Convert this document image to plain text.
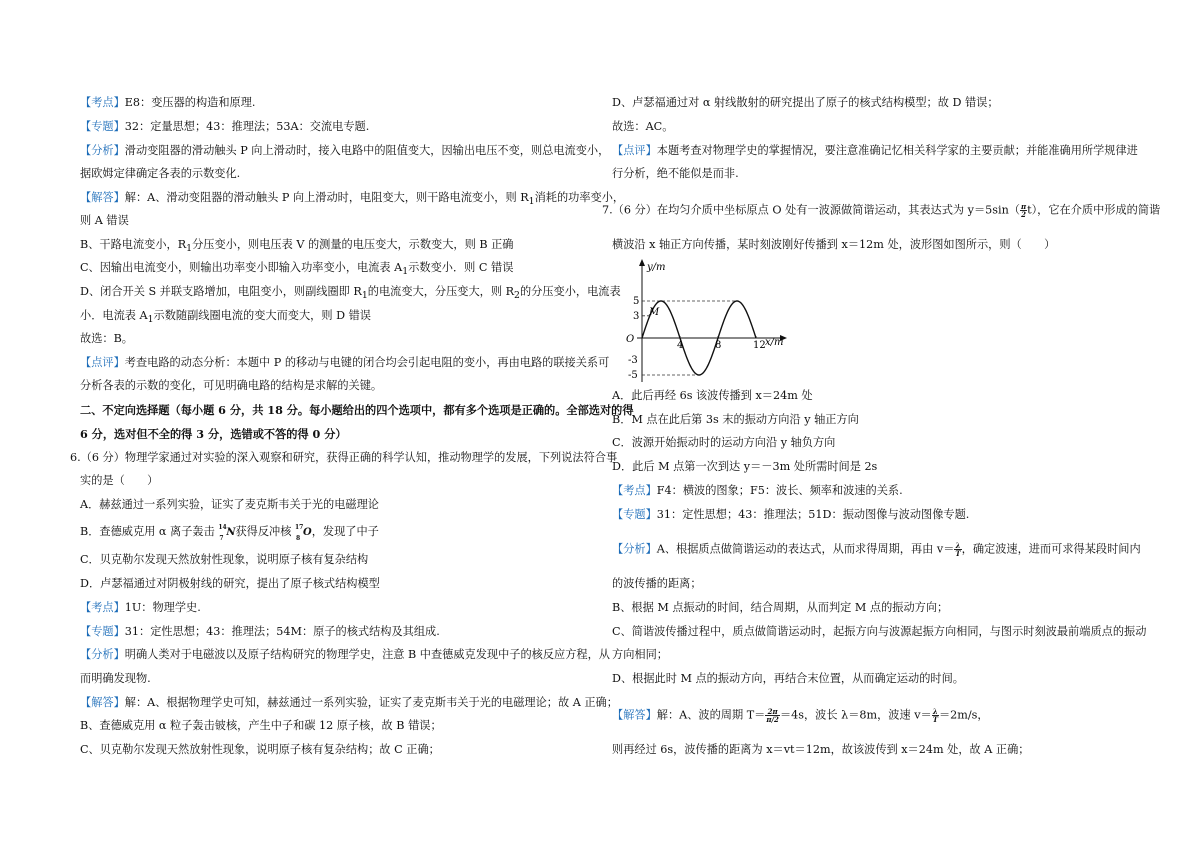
【考点】E8：变压器的构造和原理.
【专题】32：定量思想；43：推理法；53A：交流电专题.
【分析】滑动变阻器的滑动触头 P 向上滑动时，接入电路中的阻值变大，因输出电压不变，则总电流变小，
据欧姆定律确定各表的示数变化.
【解答】解：A、滑动变阻器的滑动触头 P 向上滑动时，电阻变大，则干路电流变小，则 $R_1$消耗的功率变小，
则 A 错误
B、干路电流变小，$R_1$分压变小，则电压表 V 的测量的电压变大，示数变大，则 B 正确
C、因输出电流变小，则输出功率变小即输入功率变小，电流表 $A_1$示数变小．则 C 错误
D、闭合开关 S 并联支路增加，电阻变小，则副线圈即 $R_1$的电流变大，分压变大，则 $R_2$的分压变小，电流表
小．电流表 $A_1$示数随副线圈电流的变大而变大，则 D 错误
故选：B。
【点评】考查电路的动态分析：本题中 P 的移动与电键的闭合均会引起电阻的变小，再由电路的联接关系可
分析各表的示数的变化，可见明确电路的结构是求解的关键。
二、不定向选择题（每小题 6 分，共 18 分。每小题给出的四个选项中，都有多个选项是正确的。全部选对的得
6 分，选对但不全的得 3 分，选错或不答的得 0 分）
6.（6 分）物理学家通过对实验的深入观察和研究，获得正确的科学认知，推动物理学的发展，下列说法符合事
实的是（　　）
A．赫兹通过一系列实验，证实了麦克斯韦关于光的电磁理论
B．查德威克用 α 离子轰击 14
7
N获得反冲核 17
8
O，发现了中子
C．贝克勒尔发现天然放射性现象，说明原子核有复杂结构
D．卢瑟福通过对阴极射线的研究，提出了原子核式结构模型
【考点】1U：物理学史.
【专题】31：定性思想；43：推理法；54M：原子的核式结构及其组成.
【分析】明确人类对于电磁波以及原子结构研究的物理学史，注意 B 中查德威克发现中子的核反应方程，从
而明确发现物.
【解答】解：A、根据物理学史可知，赫兹通过一系列实验，证实了麦克斯韦关于光的电磁理论；故 A 正确；
B、查德威克用 α 粒子轰击铍核，产生中子和碳 12 原子核，故 B 错误；
C、贝克勒尔发现天然放射性现象，说明原子核有复杂结构；故 C 正确；
D、卢瑟福通过对 α 射线散射的研究提出了原子的核式结构模型；故 D 错误；
故选：AC。
【点评】本题考查对物理学史的掌握情况，要注意准确记忆相关科学家的主要贡献；并能准确用所学规律进
行分析，绝不能似是而非.
7.（6 分）在均匀介质中坐标原点 O 处有一波源做简谐运动，其表达式为 $y=5\sin( \frac{\pi}{2} t)$，它在介质中形成的简谐
横波沿 x 轴正方向传播，某时刻波刚好传播到 x＝12m 处，波形图如图所示，则（　　）
4	8	12
5
3
-3
-5
y/m
x/m
O
M
A．此后再经 6s 该波传播到 x＝24m 处
B．M 点在此后第 3s 末的振动方向沿 y 轴正方向
C．波源开始振动时的运动方向沿 y 轴负方向
D．此后 M 点第一次到达 y＝－3m 处所需时间是 2s
【考点】F4：横波的图象；F5：波长、频率和波速的关系.
【专题】31：定性思想；43：推理法；51D：振动图像与波动图像专题.
【分析】A、根据质点做简谐运动的表达式，从而求得周期，再由 $v= \frac{\lambda}{T}$ ，确定波速，进而可求得某段时间内
的波传播的距离；
B、根据 M 点振动的时间，结合周期，从而判定 M 点的振动方向；
C、简谐波传播过程中，质点做简谐运动时，起振方向与波源起振方向相同，与图示时刻波最前端质点的振动
方向相同；
D、根据此时 M 点的振动方向，再结合末位置，从而确定运动的时间。
【解答】解：A、波的周期 $T= \frac{2\pi}{\pi/2} =4s$，波长 λ＝8m，波速 $v= \frac{\lambda}{T} =2m/s$，
则再经过 6s，波传播的距离为 x＝vt＝12m，故该波传到 x＝24m 处，故 A 正确；
